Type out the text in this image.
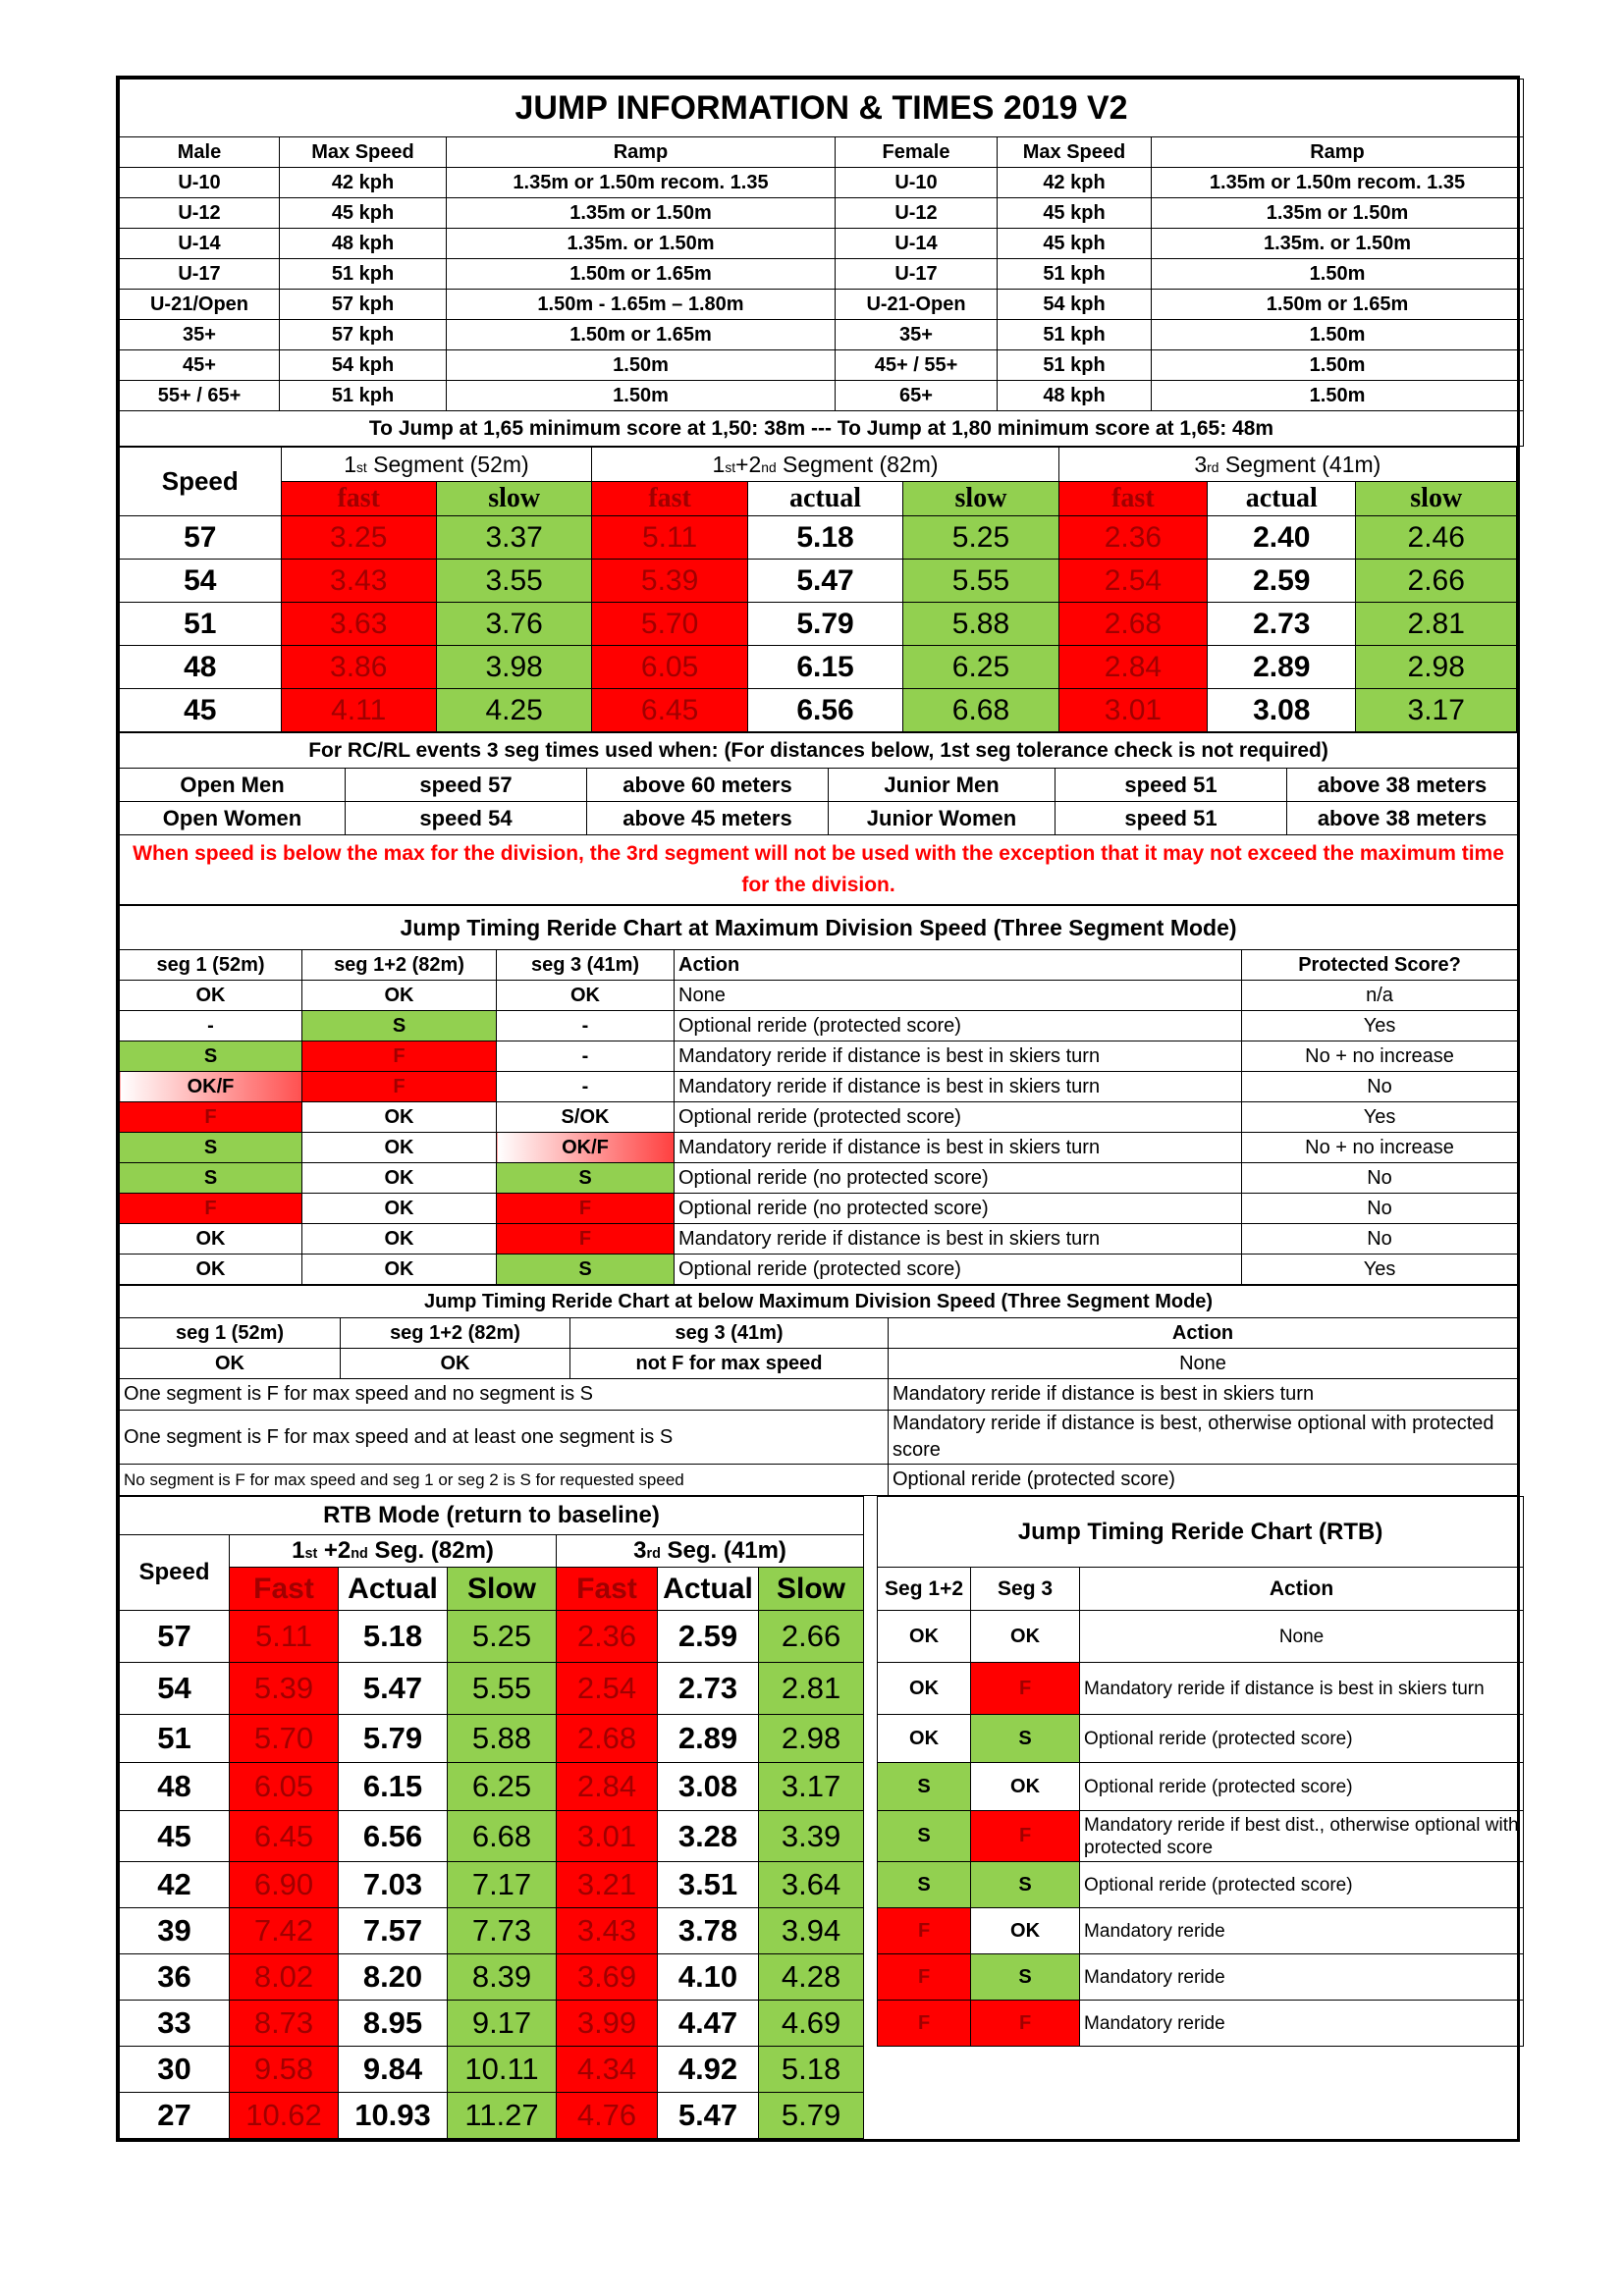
JUMP INFORMATION & TIMES 2019 V2					
Male	Max Speed	Ramp	Female	Max Speed	Ramp
U-10	42 kph	1.35m or 1.50m recom. 1.35	U-10	42 kph	1.35m or 1.50m recom. 1.35
U-12	45 kph	1.35m or 1.50m	U-12	45 kph	1.35m or 1.50m
U-14	48 kph	1.35m. or 1.50m	U-14	45 kph	1.35m. or 1.50m
U-17	51 kph	1.50m or 1.65m	U-17	51 kph	1.50m
U-21/Open	57 kph	1.50m - 1.65m – 1.80m	U-21-Open	54 kph	1.50m or 1.65m
35+	57 kph	1.50m or 1.65m	35+	51 kph	1.50m
45+	54 kph	1.50m	45+ / 55+	51 kph	1.50m
55+ / 65+	51 kph	1.50m	65+	48 kph	1.50m
To Jump at 1,65 minimum score at 1,50: 38m --- To Jump at 1,80 minimum score at 1,65: 48m					
Speed	1st Segment (52m)		1st+2nd Segment (82m)			3rd Segment (41m)		
	fast	slow	fast	actual	slow	fast	actual	slow
57	3.25	3.37	5.11	5.18	5.25	2.36	2.40	2.46
54	3.43	3.55	5.39	5.47	5.55	2.54	2.59	2.66
51	3.63	3.76	5.70	5.79	5.88	2.68	2.73	2.81
48	3.86	3.98	6.05	6.15	6.25	2.84	2.89	2.98
45	4.11	4.25	6.45	6.56	6.68	3.01	3.08	3.17
For RC/RL events 3 seg times used when: (For distances below, 1st seg tolerance check is not required)					
Open Men	speed 57	above 60 meters	Junior Men	speed 51	above 38 meters
Open Women	speed 54	above 45 meters	Junior Women	speed 51	above 38 meters
When speed is below the max for the division, the 3rd segment will not be used with the exception that it may not exceed the maximum time for the division.					
Jump Timing Reride Chart at Maximum Division Speed (Three Segment Mode)				
seg 1 (52m)	seg 1+2 (82m)	seg 3 (41m)	Action	Protected Score?
OK	OK	OK	None	n/a
-	S	-	Optional reride (protected score)	Yes
S	F	-	Mandatory reride if distance is best in skiers turn	No + no increase
OK/F	F	-	Mandatory reride if distance is best in skiers turn	No
F	OK	S/OK	Optional reride (protected score)	Yes
S	OK	OK/F	Mandatory reride if distance is best in skiers turn	No + no increase
S	OK	S	Optional reride (no protected score)	No
F	OK	F	Optional reride (no protected score)	No
OK	OK	F	Mandatory reride if distance is best in skiers turn	No
OK	OK	S	Optional reride (protected score)	Yes
Jump Timing Reride Chart at below Maximum Division Speed (Three Segment Mode)			
seg 1 (52m)	seg 1+2 (82m)	seg 3 (41m)	Action
OK	OK	not F for max speed	None
One segment is F for max speed and no segment is S			Mandatory reride if distance is best in skiers turn
One segment is F for max speed and at least one segment is S			Mandatory reride if distance is best, otherwise optional with protected score
No segment is F for max speed and seg 1 or seg 2 is S for requested speed			Optional reride (protected score)
RTB Mode (return to baseline)								Jump Timing Reride Chart (RTB)		
Speed	1st +2nd Seg. (82m)			3rd Seg. (41m)						
	Fast	Actual	Slow	Fast	Actual	Slow		Seg 1+2	Seg 3	Action
57	5.11	5.18	5.25	2.36	2.59	2.66		OK	OK	None
54	5.39	5.47	5.55	2.54	2.73	2.81		OK	F	Mandatory reride if distance is best in skiers turn
51	5.70	5.79	5.88	2.68	2.89	2.98		OK	S	Optional reride (protected score)
48	6.05	6.15	6.25	2.84	3.08	3.17		S	OK	Optional reride (protected score)
45	6.45	6.56	6.68	3.01	3.28	3.39		S	F	Mandatory reride if best dist., otherwise optional with protected score
42	6.90	7.03	7.17	3.21	3.51	3.64		S	S	Optional reride (protected score)
39	7.42	7.57	7.73	3.43	3.78	3.94		F	OK	Mandatory reride
36	8.02	8.20	8.39	3.69	4.10	4.28		F	S	Mandatory reride
33	8.73	8.95	9.17	3.99	4.47	4.69		F	F	Mandatory reride
30	9.58	9.84	10.11	4.34	4.92	5.18				
27	10.62	10.93	11.27	4.76	5.47	5.79				
